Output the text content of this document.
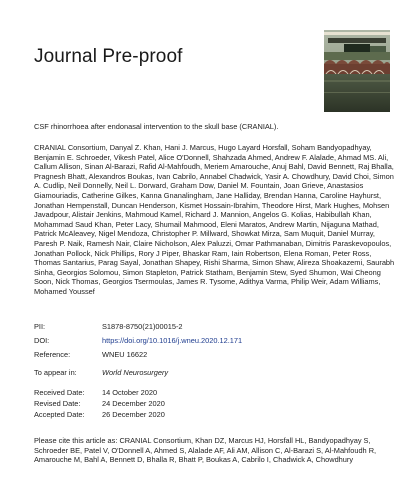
Journal Pre-proof

CSF rhinorrhoea after endonasal intervention to the skull base (CRANIAL).

CRANIAL Consortium, Danyal Z. Khan, Hani J. Marcus, Hugo Layard Horsfall, Soham Bandyopadhyay, Benjamin E. Schroeder, Vikesh Patel, Alice O'Donnell, Shahzada Ahmed, Andrew F. Alalade, Ahmad MS. Ali, Callum Allison, Sinan Al-Barazi, Rafid Al-Mahfoudh, Meriem Amarouche, Anuj Bahl, David Bennett, Raj Bhalla, Pragnesh Bhatt, Alexandros Boukas, Ivan Cabrilo, Annabel Chadwick, Yasir A. Chowdhury, David Choi, Simon A. Cudlip, Neil Donnelly, Neil L. Dorward, Graham Dow, Daniel M. Fountain, Joan Grieve, Anastasios Giamouriadis, Catherine Gilkes, Kanna Gnanalingham, Jane Halliday, Brendan Hanna, Caroline Hayhurst, Jonathan Hempenstall, Duncan Henderson, Kismet Hossain-Ibrahim, Theodore Hirst, Mark Hughes, Mohsen Javadpour, Alistair Jenkins, Mahmoud Kamel, Richard J. Mannion, Angelos G. Kolias, Habibullah Khan, Mohammad Saud Khan, Peter Lacy, Shumail Mahmood, Eleni Maratos, Andrew Martin, Nijaguna Mathad, Patrick McAleavey, Nigel Mendoza, Christopher P. Millward, Showkat Mirza, Sam Muquit, Daniel Murray, Paresh P. Naik, Ramesh Nair, Claire Nicholson, Alex Paluzzi, Omar Pathmanaban, Dimitris Paraskevopoulos, Jonathan Pollock, Nick Phillips, Rory J Piper, Bhaskar Ram, Iain Robertson, Elena Roman, Peter Ross, Thomas Santarius, Parag Sayal, Jonathan Shapey, Rishi Sharma, Simon Shaw, Alireza Shoakazemi, Saurabh Sinha, Georgios Solomou, Simon Stapleton, Patrick Statham, Benjamin Stew, Syed Shumon, Wai Cheong Soon, Nick Thomas, Georgios Tsermoulas, James R. Tysome, Adithya Varma, Philip Weir, Adam Williams, Mohamed Youssef

PII:	S1878-8750(21)00015-2
DOI:	https://doi.org/10.1016/j.wneu.2020.12.171
Reference:	WNEU 16622
To appear in:	World Neurosurgery
Received Date: 14 October 2020
Revised Date:	24 December 2020
Accepted Date: 26 December 2020

Please cite this article as: CRANIAL Consortium, Khan DZ, Marcus HJ, Horsfall HL, Bandyopadhyay S, Schroeder BE, Patel V, O'Donnell A, Ahmed S, Alalade AF, Ali AM, Allison C, Al-Barazi S, Al-Mahfoudh R, Amarouche M, Bahl A, Bennett D, Bhalla R, Bhatt P, Boukas A, Cabrilo I, Chadwick A, Chowdhury
